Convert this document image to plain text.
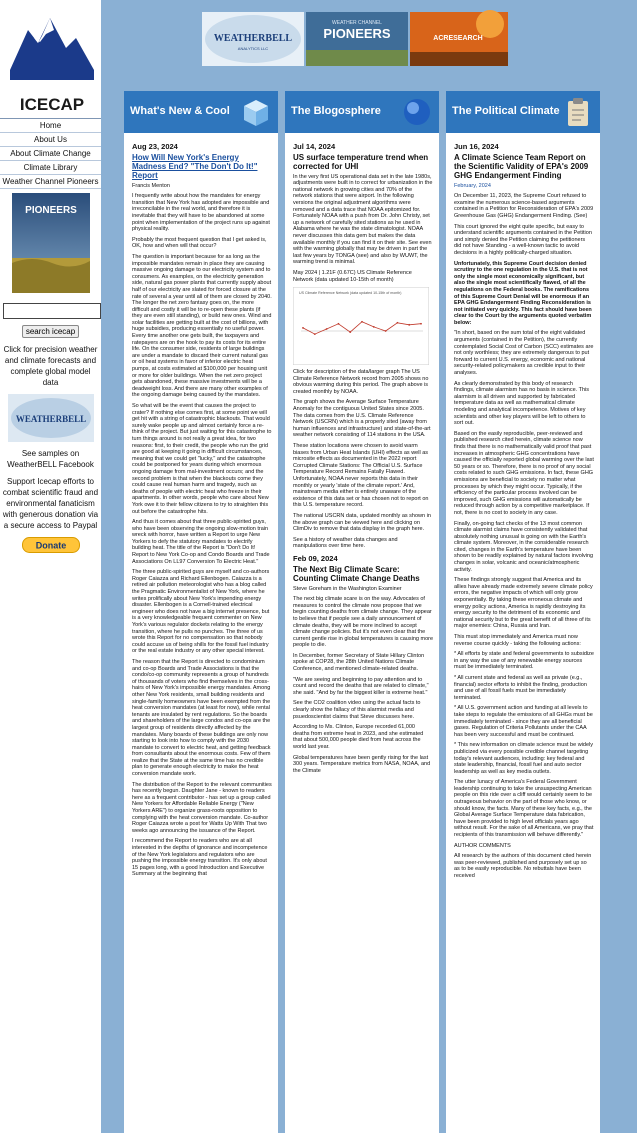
ICECAP
Home
About Us
About Climate Change
Climate Library
Weather Channel Pioneers
PIONEERS
search icecap
Click for precision weather and climate forecasts and complete global model data
WEATHERBELL
See samples on WeatherBELL Facebook
Support Icecap efforts to combat scientific fraud and environmental fanaticism with generous donation via a secure access to Paypal
Donate
WEATHERBELL
ANALYTICS LLC
WEATHER CHANNEL
PIONEERS	ACRESEARCH
What's New & Cool
Aug 23, 2024
How Will New York's Energy Madness End? "The Don't Do It!" Report
Francis Menton
I frequently write about how the mandates for energy transition that New York has adopted are impossible and irreconcilable in the real world, and therefore it is inevitable that they will have to be abandoned at some point when implementation of the project runs up against physical reality.
Probably the most frequent question that I get asked is, OK, how and when will that occur?
The question is important because for as long as the impossible mandates remain in place they are causing massive ongoing damage to our electricity system and to consumers. As examples, on the electricity generation side, natural gas power plants that currently supply about half of our electricity are slated for forced closure at the rate of several a year until all of them are closed by 2040. The longer the net zero fantasy goes on, the more difficult and costly it will be to re-open these plants (if they are even still standing), or build new ones. Wind and solar facilities are getting built at the cost of billions, with huge subsidies, producing essentially no useful power. Every time another one gets built, the taxpayers and ratepayers are on the hook to pay its costs for its entire life. On the consumer side, residents of large buildings are under a mandate to discard their current natural gas or oil heat systems in favor of inferior electric heat pumps, at costs estimated at $100,000 per housing unit or more for older buildings. When the net zero project gets abandoned, these massive investments will be a deadweight loss. And there are many other examples of the ongoing damage being caused by the mandates.
So what will be the event that causes the project to crater? If nothing else comes first, at some point we will get hit with a string of catastrophic blackouts. That would surely wake people up and almost certainly force a re-think of the project. But just waiting for this catastrophe to turn things around is not really a great idea, for two reasons: first, to their credit, the people who run the grid are good at keeping it going in difficult circumstances, meaning that we could get "lucky," and the catastrophe could be postponed for years during which enormous ongoing damage from mal-investment occurs; and the second problem is that when the blackouts come they could cause real human harm and tragedy, such as deaths of people with electric heat who freeze in their apartments. In other words, people who care about New York owe it to their fellow citizens to try to straighten this out before the catastrophe hits.
And thus it comes about that three public-spirited guys, who have been observing the ongoing slow-motion train wreck with horror, have written a Report to urge New Yorkers to defy the statutory mandates to electrify building heat. The title of the Report is "Don't Do It! Report to New York Co-op and Condo Boards and Trade Associations On LL97 Conversion To Electric Heat."
The three public-spirited guys are myself and co-authors Roger Caiazza and Richard Ellenbogen. Caiazza is a retired air pollution meteorologist who has a blog called the Pragmatic Environmentalist of New York, where he writes prolifically about New York's impending energy disaster. Ellenbogen is a Cornell-trained electrical engineer who does not have a big internet presence, but is a very knowledgeable frequent commenter on New York's various regulator dockets relating to the energy transition, where he pulls no punches. The three of us wrote this Report for no compensation so that nobody could accuse us of being shills for the fossil fuel industry or the real estate industry or any other special interest.
The reason that the Report is directed to condominium and co-op Boards and Trade Associations is that the condo/co-op community represents a group of hundreds of thousands of voters who find themselves in the cross-hairs of New York's impossible energy mandates. Among other New York residents, small building residents and single-family homeowners have been exempted from the heat conversion mandates (at least for now), while rental tenants are insulated by rent regulations. So the boards and shareholders of the large condos and co-ops are the largest group of residents directly affected by the mandates. Many boards of these buildings are only now starting to look into how to comply with the 2030 mandate to convert to electric heat, and getting feedback from consultants about the enormous costs. Few of them realize that the State at the same time has no credible plan to generate enough electricity to make the heat conversion mandate work.
The distribution of the Report to the relevant communities has recently begun. Daughter Jane - known to readers here as a frequent contributor - has set up a group called New Yorkers for Affordable Reliable Energy ("New Yorkers ARE") to organize grass-roots opposition to complying with the heat conversion mandate. Co-author Roger Caiazza wrote a post for Watts Up With That two weeks ago announcing the issuance of the Report.
I recommend the Report to readers who are at all interested in the depths of ignorance and incompetence of the New York legislators and regulators who are pushing the impossible energy transition. It's only about 15 pages long, with a good Introduction and Executive Summary at the beginning that
The Blogosphere
Jul 14, 2024
US surface temperature trend when corrected for UHI
In the very first US operational data set in the late 1980s, adjustments were built in to correct for urbanization in the national network in growing cities and 70% of the network stations that were airport. In the following versions the original adjustment algorithms were removed and a data trace that NOAA epitomized for. Fortunately NOAA with a push from Dr. John Christy, set up a network of carefully sited stations as he used in Alabama where he was the state climatologist. NOAA never discusses this data gem but makes the data available monthly if you can find it on their site. See even with the warming globally that may be driven in part the last few years by TONGA (see) and also by WUWT, the warming trend is minimal.
May 2024 | 1.21F (0.67C) US Climate Reference Network (data updated 10-15th of month)
US Climate Reference Network (data updated 10-15th of month)
Click for description of the data/larger graph The US Climate Reference Network record from 2005 shows no obvious warming during this period. The graph above is created monthly by NOAA.
The graph shows the Average Surface Temperature Anomaly for the contiguous United States since 2005. The data comes from the U.S. Climate Reference Network (USCRN) which is a properly sited (away from human influences and infrastructure) and state-of-the-art weather network consisting of 114 stations in the USA.
These station locations were chosen to avoid warm biases from Urban Heat Islands (UHI) effects as well as microsite effects as documented in the 2022 report Corrupted Climate Stations: The Official U.S. Surface Temperature Record Remains Fatally Flawed. Unfortunately, NOAA never reports this data in their monthly or yearly 'state of the climate report.' And, mainstream media either is entirely unaware of the existence of this data set or has chosen not to report on this U.S. temperature record.
The national USCRN data, updated monthly as shown in the above graph can be viewed here and clicking on ClimDiv to remove that data display in the graph here.
See a history of weather data changes and manipulations over time here.
Feb 09, 2024
The Next Big Climate Scare: Counting Climate Change Deaths
Steve Goreham in the Washington Examiner
The next big climate scare is on the way. Advocates of measures to control the climate now propose that we begin counting deaths from climate change. They appear to believe that if people see a daily announcement of climate deaths, they will be more inclined to accept climate change policies. But it's not even clear that the current gentle rise in global temperatures is causing more people to die.
In December, former Secretary of State Hillary Clinton spoke at COP28, the 28th United Nations Climate Conference, and mentioned climate-related deaths.
"We are seeing and beginning to pay attention and to count and record the deaths that are related to climate," she said. "And by far the biggest killer is extreme heat."
See the CO2 coalition video using the actual facts to clearly show the fallacy of this alarmist media and psuedoscientist claims that Steve discusses here.
According to Ms. Clinton, Europe recorded 61,000 deaths from extreme heat in 2023, and she estimated that about 500,000 people died from heat across the world last year.
Global temperatures have been gently rising for the last 300 years. Temperature metrics from NASA, NOAA, and the Climate
The Political Climate
Jun 16, 2024
A Climate Science Team Report on the Scientific Validity of EPA's 2009 GHG Endangerment Finding
February, 2024
On December 11, 2023, the Supreme Court refused to examine the numerous science-based arguments contained in a Petition for Reconsideration of EPA's 2009 Greenhouse Gas (GHG) Endangerment Finding. (See)
This court ignored the eight quite specific, but easy to understand scientific arguments contained in the Petition and simply denied the Petition claiming the petitioners did not have Standing - a well-known tactic to avoid decisions in a highly politically-charged situation.
Unfortunately, this Supreme Court decision denied scrutiny to the one regulation in the U.S. that is not only the single most economically significant, but also the single most scientifically flawed, of all the regulations on the Federal books. The ramifications of this Supreme Court Denial will be enormous if an EPA GHG Endangerment Finding Reconsideration is not initiated very quickly. This fact should have been clear to the Court by the arguments quoted verbatim below:
"In short, based on the sum total of the eight validated arguments (contained in the Petition), the currently contemplated Social Cost of Carbon (SCC) estimates are not only worthless; they are extremely dangerous to put forward to current U.S. energy, economic and national security-related policymakers as credible input to their analyses.
As clearly demonstrated by this body of research findings, climate alarmism has no basis in science. This alarmism is all driven and supported by fabricated temperature data as well as mathematical climate modeling and analytical incompetence. Motives of key scientists and other key players will be left to others to sort out.
Based on the easily reproducible, peer-reviewed and published research cited herein, climate science now finds that there is no mathematically valid proof that past increases in atmospheric GHG concentrations have caused the officially reported global warming over the last 50 years or so. Therefore, there is no proof of any social costs related to such GHG emissions. In fact, these GHG emissions are beneficial to society no matter what processes by which they might occur. Typically, if the efficiency of the particular process involved can be improved, such GHG emissions will automatically be reduced through action by a competitive marketplace. If not, there is no cost to society in any case.
Finally, on-going fact checks of the 13 most common climate alarmist claims have consistently validated that absolutely nothing unusual is going on with the Earth's climate system. Moreover, in the considerable research cited, changes in the Earth's temperature have been shown to be readily explained by natural factors involving changes in solar, volcanic and oceanic/atmospheric activity.
These findings strongly suggest that America and its allies have already made extremely severe climate policy errors, the negative impacts of which will only grow exponentially. By taking these erroneous climate and energy policy actions, America is rapidly destroying its energy security to the detriment of its economic and national security but to the great benefit of all three of its major enemies: China, Russia and Iran.
This must stop immediately and America must now reverse course quickly - taking the following actions:
* All efforts by state and federal governments to subsidize in any way the use of any renewable energy sources must be immediately terminated.
* All current state and federal as well as private (e.g., financial) sector efforts to inhibit the finding, production and use of all fossil fuels must be immediately terminated.
* All U.S. government action and funding at all levels to take steps to regulate the emissions of all GHGs must be immediately terminated - since they are all beneficial gases. Regulation of Criteria Pollutants under the CAA has been very successful and must be continued.
* This new information on climate science must be widely publicized via every possible credible channel targeting today's relevant audiences, including: key federal and state leadership, financial, fossil fuel and auto sector leadership as well as key media outlets.
The utter lunacy of America's Federal Government leadership continuing to take the unsuspecting American people on this ride over a cliff would certainly seem to be outrageous behavior on the part of those who know, or should know, the facts. Many of these key facts, e.g., the Global Average Surface Temperature data fabrication, have been provided to high level officials years ago without result. For the sake of all Americans, we pray that recipients of this transmission will behave differently."
AUTHOR COMMENTS
All research by the authors of this document cited herein was peer-reviewed, published and purposely set up so as to be easily reproducible. No rebuttals have been received
